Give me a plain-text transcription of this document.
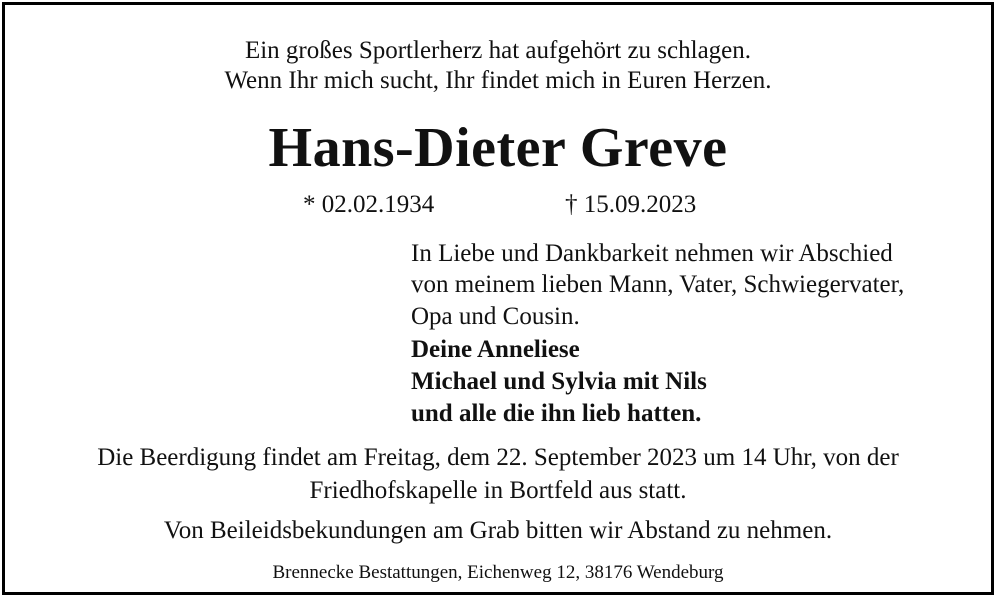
Ein großes Sportlerherz hat aufgehört zu schlagen.
Wenn Ihr mich sucht, Ihr findet mich in Euren Herzen.
Hans-Dieter Greve
* 02.02.1934	† 15.09.2023
In Liebe und Dankbarkeit nehmen wir Abschied
von meinem lieben Mann, Vater, Schwiegervater,
Opa und Cousin.
Deine Anneliese
Michael und Sylvia mit Nils
und alle die ihn lieb hatten.
Die Beerdigung findet am Freitag, dem 22. September 2023 um 14 Uhr, von der
Friedhofskapelle in Bortfeld aus statt.
Von Beileidsbekundungen am Grab bitten wir Abstand zu nehmen.
Brennecke Bestattungen, Eichenweg 12, 38176 Wendeburg
